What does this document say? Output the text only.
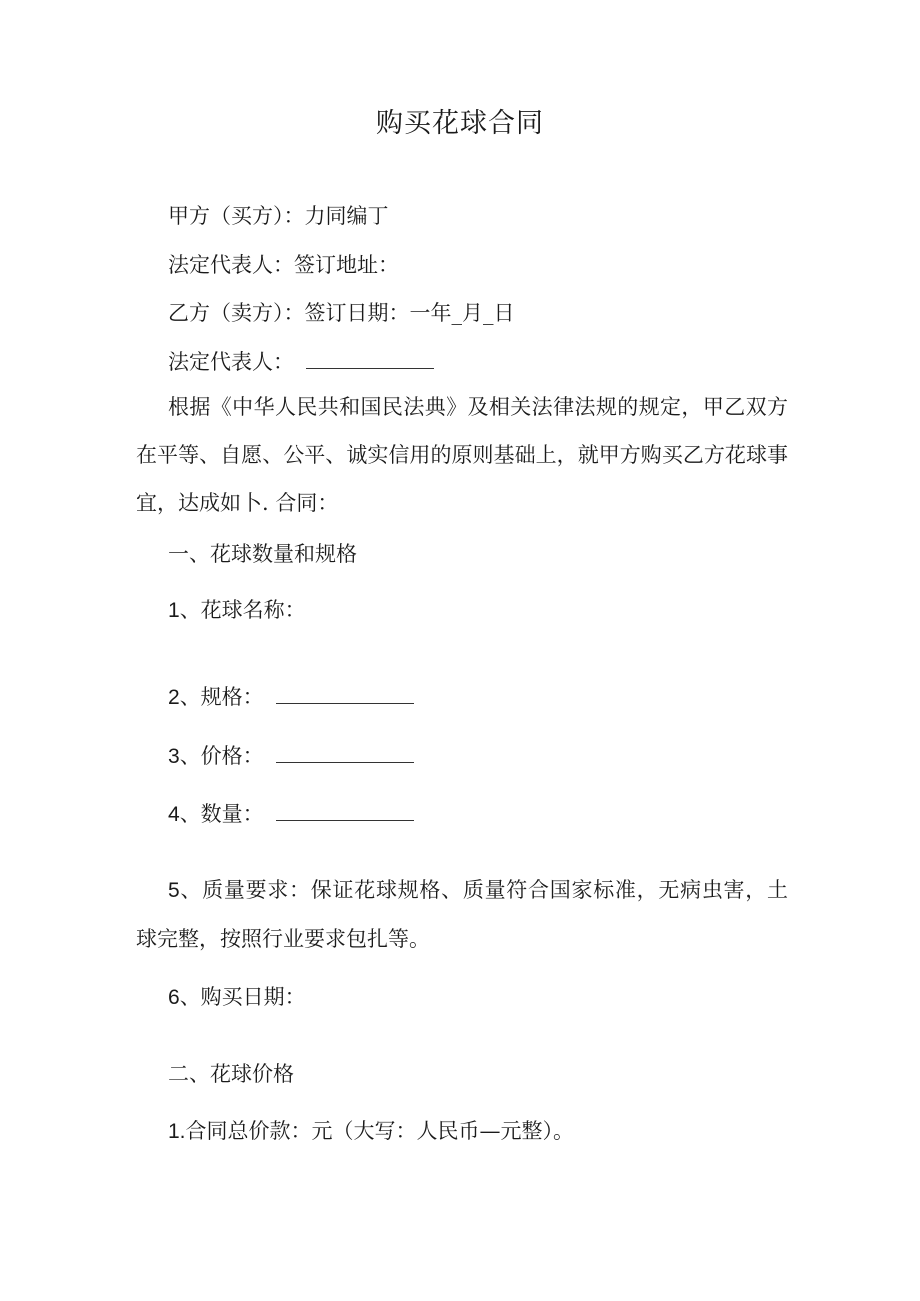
购买花球合同
甲方（买方）：力同编丁
法定代表人：签订地址：
乙方（卖方）：签订日期：一年_月_日
法定代表人：
根据《中华人民共和国民法典》及相关法律法规的规定，甲乙双方在平等、自愿、公平、诚实信用的原则基础上，就甲方购买乙方花球事宜，达成如卜. 合同：
一、花球数量和规格
1、花球名称：
2、规格：
3、价格：
4、数量：
5、质量要求：保证花球规格、质量符合国家标准，无病虫害，土球完整，按照行业要求包扎等。
6、购买日期：
二、花球价格
1.合同总价款：元（大写：人民币—元整）。
